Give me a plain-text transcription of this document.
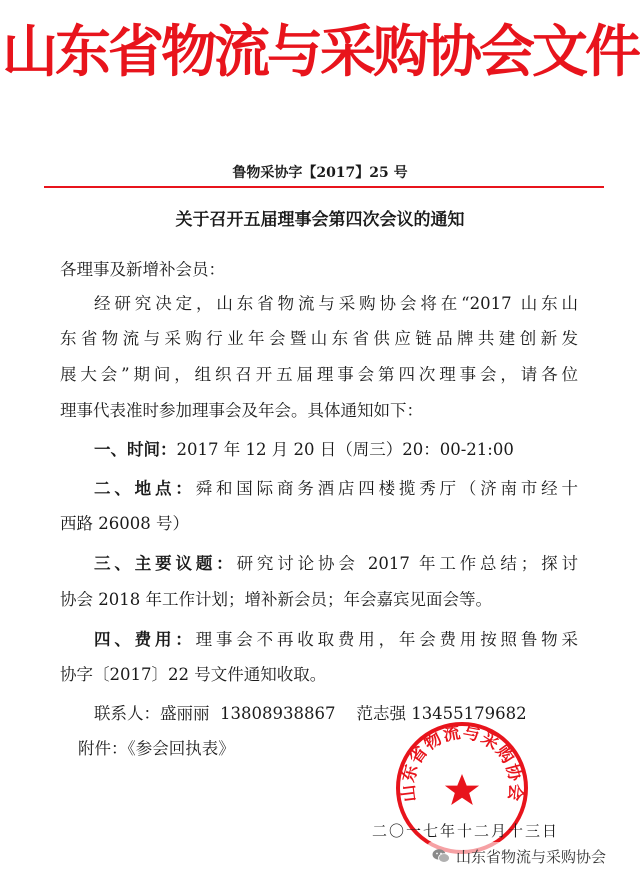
山东省物流与采购协会文件
鲁物采协字【2017】25 号
关于召开五届理事会第四次会议的通知
各理事及新增补会员：
经研究决定，山东省物流与采购协会将在“2017 山东山
东省物流与采购行业年会暨山东省供应链品牌共建创新发
展大会”期间，组织召开五届理事会第四次理事会，请各位
理事代表准时参加理事会及年会。具体通知如下：
一、时间：2017 年 12 月 20 日（周三）20：00-21:00
二、地点：舜和国际商务酒店四楼揽秀厅（济南市经十
西路 26008 号）
三、主要议题：研究讨论协会 2017 年工作总结；探讨
协会 2018 年工作计划；增补新会员；年会嘉宾见面会等。
四、费用：理事会不再收取费用，年会费用按照鲁物采
协字〔2017〕22 号文件通知收取。
联系人：盛丽丽  13808938867    范志强 13455179682
附件：《参会回执表》
山东省物流与采购协会
二〇一七年十二月十三日
山东省物流与采购协会
